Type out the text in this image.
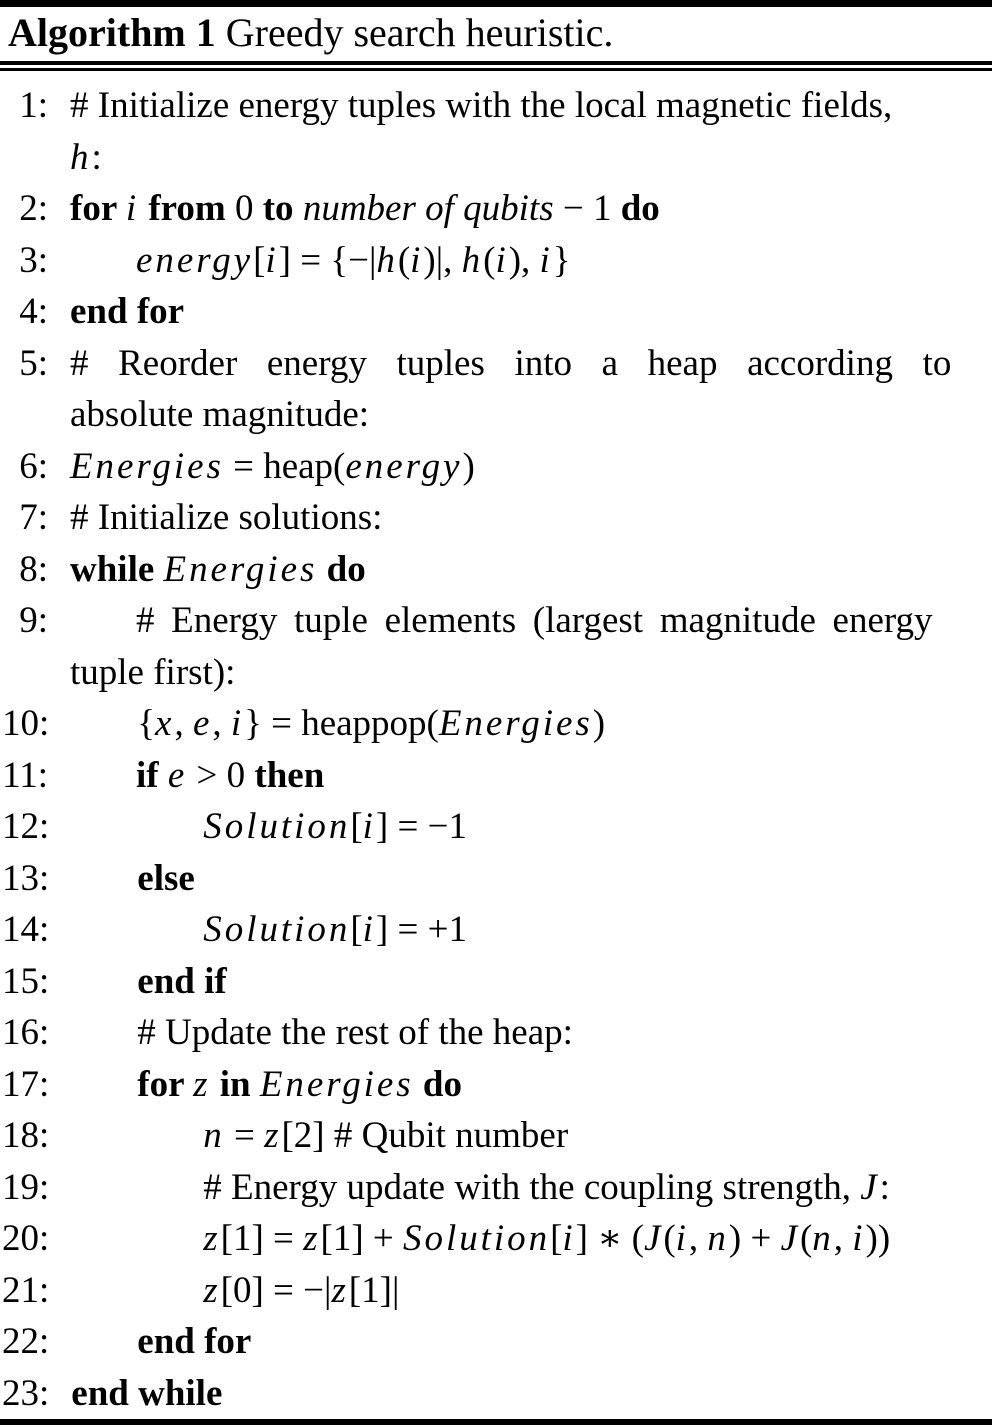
Algorithm 1 Greedy search heuristic.
1: # Initialize energy tuples with the local magnetic fields,
h:
2: for i from 0 to number of qubits − 1 do
3:	energy[i] = {−|h(i)|, h(i), i}
4: end for
5: # Reorder energy tuples into a heap according to
absolute magnitude:
6: Energies = heap(energy)
7: # Initialize solutions:
8: while Energies do
9:	# Energy tuple elements (largest magnitude energy
tuple first):
10:	{x, e, i} = heappop(Energies)
11:	if e > 0 then
12:	Solution[i] = −1
13:	else
14:	Solution[i] = +1
15:	end if
16:	# Update the rest of the heap:
17:	for z in Energies do
18:	n = z[2] # Qubit number
19:	# Energy update with the coupling strength, J:
20:	z[1] = z[1] + Solution[i] ∗ (J(i, n) + J(n, i))
21:	z[0] = −|z[1]|
22:	end for
23: end while
